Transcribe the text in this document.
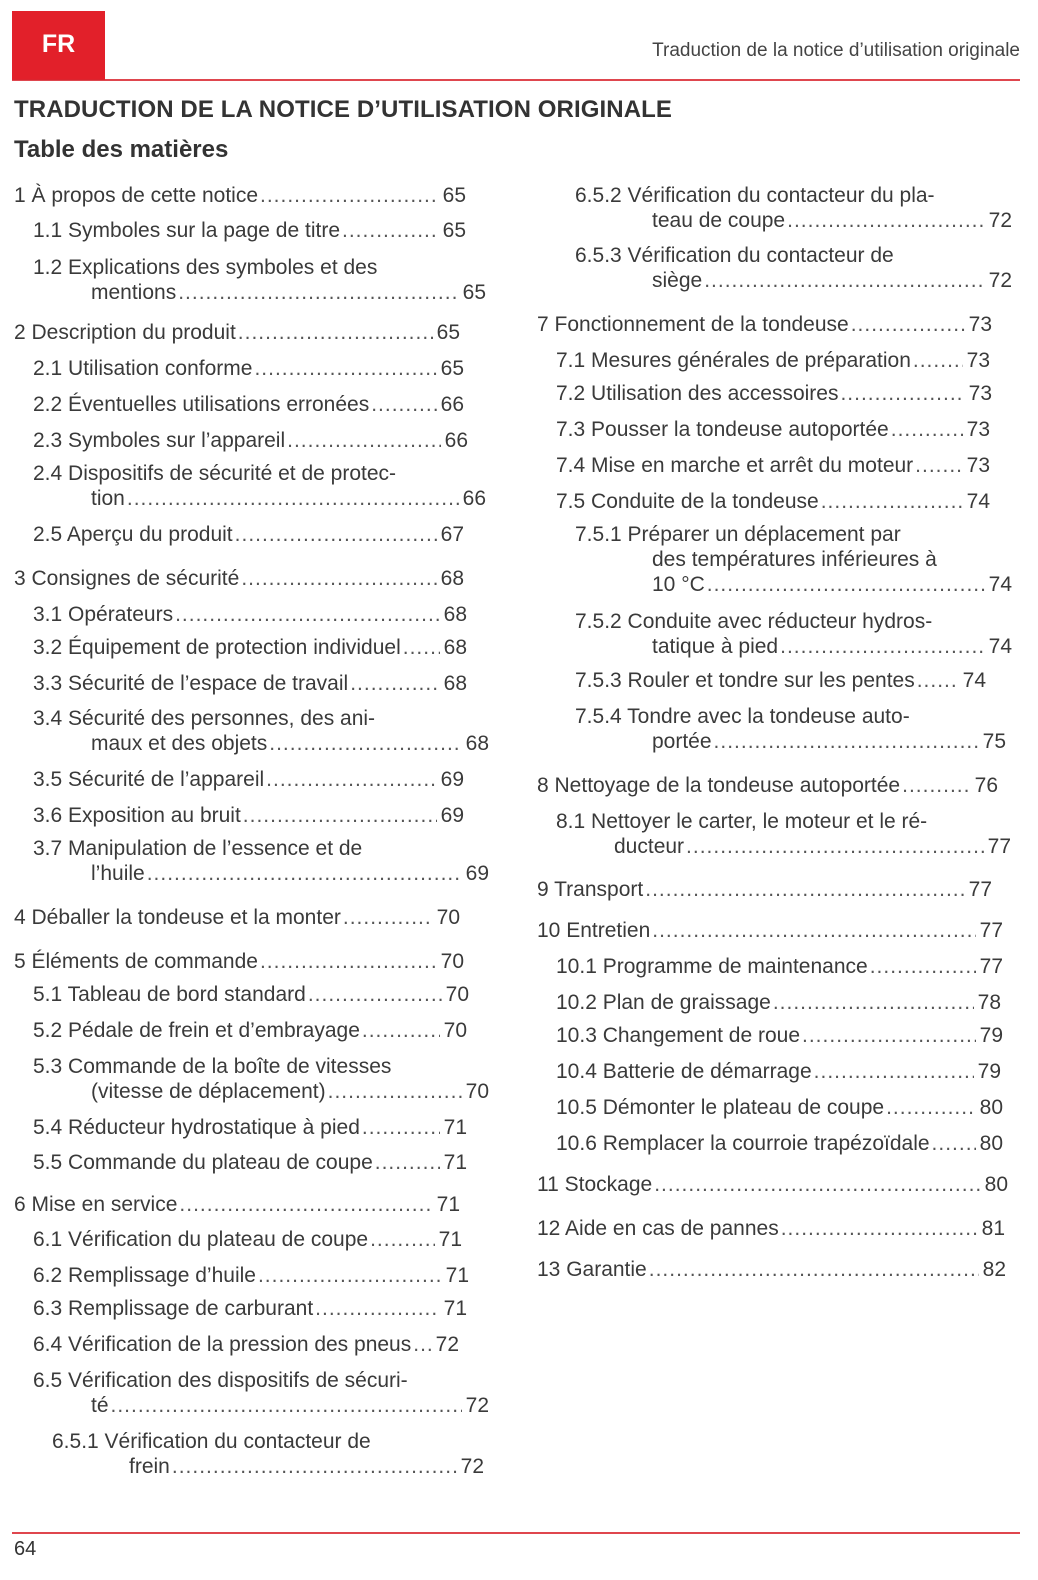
FR	Traduction de la notice d’utilisation originale
TRADUCTION DE LA NOTICE D’UTILISATION ORIGINALE
Table des matières
1 À propos de cette notice .....	65
1.1 Symboles sur la page de titre .....	65
1.2 Explications des symboles et des
mentions .....	65
2 Description du produit .....	65
2.1 Utilisation conforme .....	65
2.2 Éventuelles utilisations erronées .....	66
2.3 Symboles sur l’appareil .....	66
2.4 Dispositifs de sécurité et de protec-
tion .....	66
2.5 Aperçu du produit .....	67
3 Consignes de sécurité .....	68
3.1 Opérateurs .....	68
3.2 Équipement de protection individuel ..... 68
3.3 Sécurité de l’espace de travail .....	68
3.4 Sécurité des personnes, des ani-
maux et des objets .....	68
3.5 Sécurité de l’appareil .....	69
3.6 Exposition au bruit .....	69
3.7 Manipulation de l’essence et de
l’huile .....	69
4 Déballer la tondeuse et la monter .....	70
5 Éléments de commande .....	70
5.1 Tableau de bord standard .....	70
5.2 Pédale de frein et d’embrayage .....	70
5.3 Commande de la boîte de vitesses
(vitesse de déplacement) .....	70
5.4 Réducteur hydrostatique à pied .....	71
5.5 Commande du plateau de coupe .....	71
6 Mise en service .....	71
6.1 Vérification du plateau de coupe .....	71
6.2 Remplissage d’huile .....	71
6.3 Remplissage de carburant .....	71
6.4 Vérification de la pression des pneus ..... 72
6.5 Vérification des dispositifs de sécuri-
té .....	72
6.5.1 Vérification du contacteur de
frein .....	72
6.5.2 Vérification du contacteur du pla-
teau de coupe .....	72
6.5.3 Vérification du contacteur de
siège .....	72
7 Fonctionnement de la tondeuse .....	73
7.1 Mesures générales de préparation .....	73
7.2 Utilisation des accessoires .....	73
7.3 Pousser la tondeuse autoportée .....	73
7.4 Mise en marche et arrêt du moteur .....	73
7.5 Conduite de la tondeuse .....	74
7.5.1 Préparer un déplacement par
des températures inférieures à
10 °C .....	74
7.5.2 Conduite avec réducteur hydros-
tatique à pied .....	74
7.5.3 Rouler et tondre sur les pentes ..... 74
7.5.4 Tondre avec la tondeuse auto-
portée .....	75
8 Nettoyage de la tondeuse autoportée .....	76
8.1 Nettoyer le carter, le moteur et le ré-
ducteur .....	77
9 Transport .....	77
10 Entretien .....	77
10.1 Programme de maintenance .....	77
10.2 Plan de graissage .....	78
10.3 Changement de roue .....	79
10.4 Batterie de démarrage .....	79
10.5 Démonter le plateau de coupe .....	80
10.6 Remplacer la courroie trapézoïdale ..... 80
11 Stockage .....	80
12 Aide en cas de pannes .....	81
13 Garantie .....	82
64
